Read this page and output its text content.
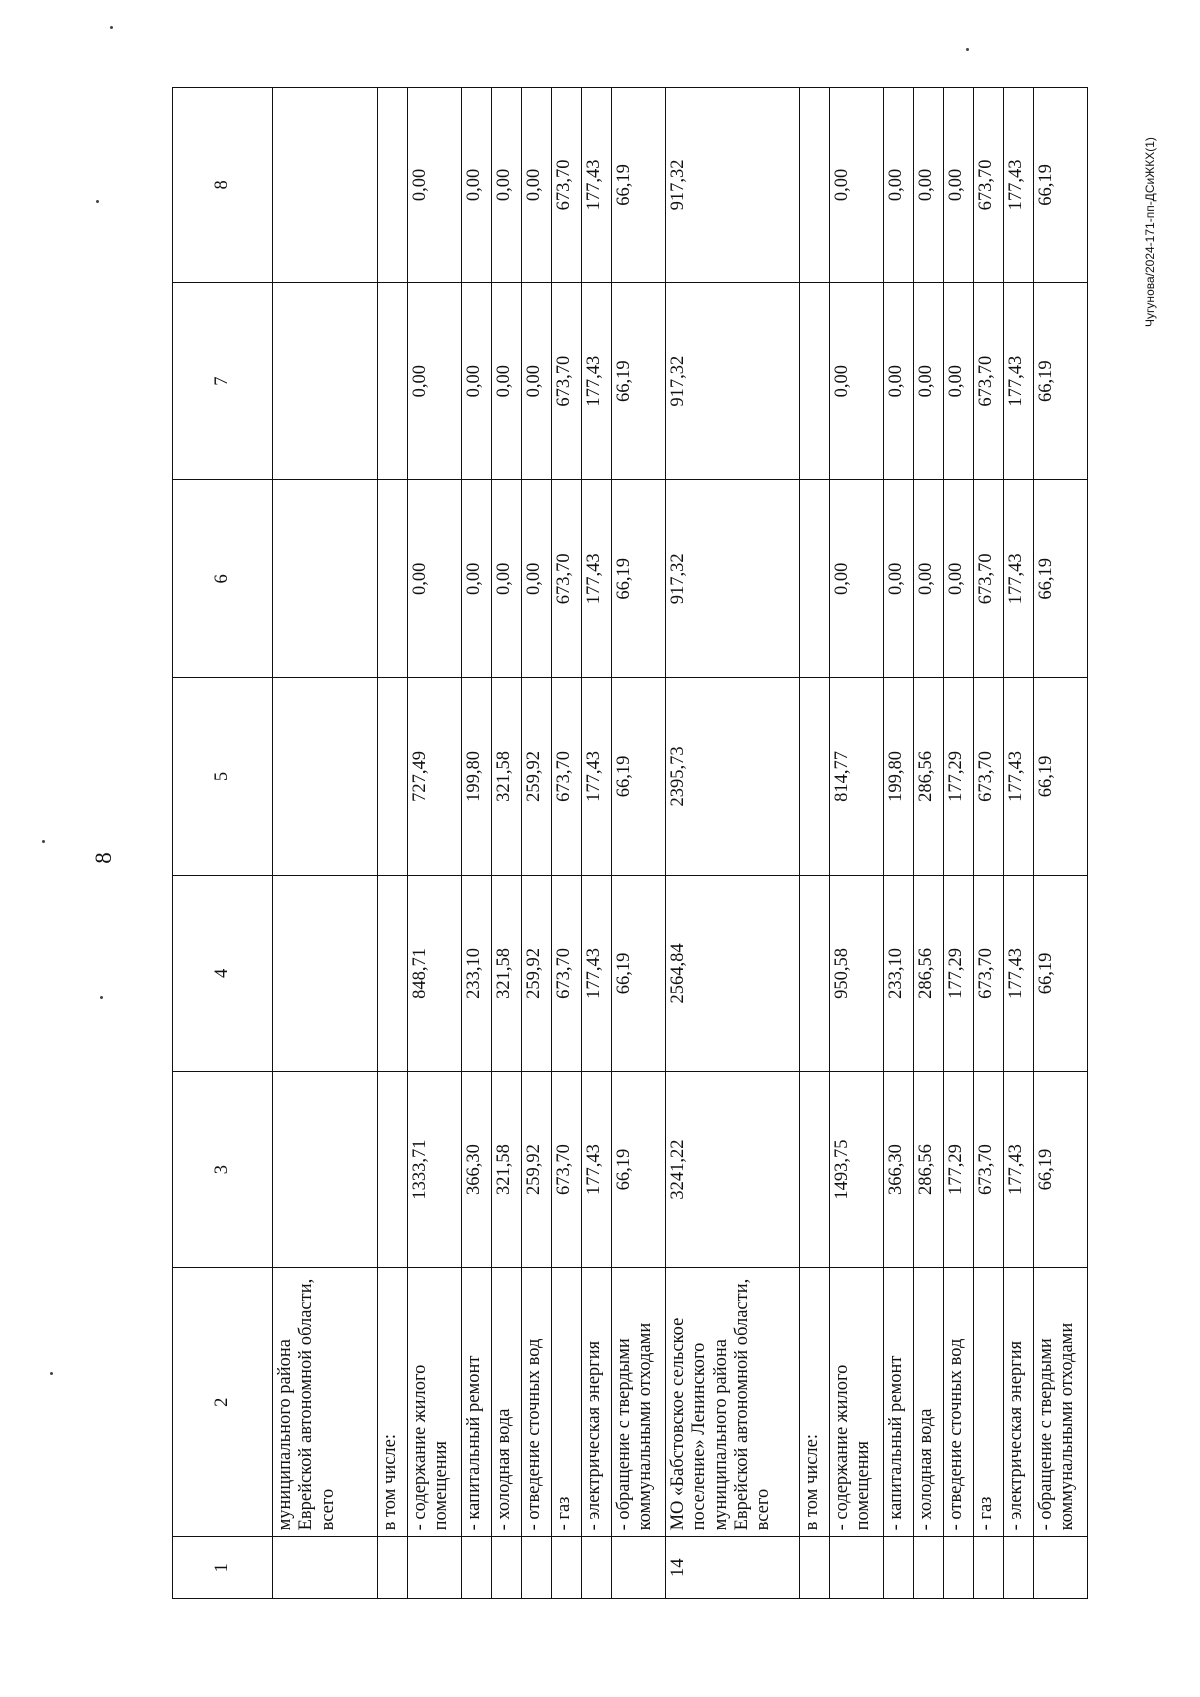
8
Чугунова/2024-171-пп-ДСиЖКХ(1)
1	2	3	4	5	6	7	8
	муниципального района Еврейской автономной области, всего						
	в том числе:						
	- содержание жилого помещения	1333,71	848,71	727,49	0,00	0,00	0,00
	- капитальный ремонт	366,30	233,10	199,80	0,00	0,00	0,00
	- холодная вода	321,58	321,58	321,58	0,00	0,00	0,00
	- отведение сточных вод	259,92	259,92	259,92	0,00	0,00	0,00
	- газ	673,70	673,70	673,70	673,70	673,70	673,70
	- электрическая энергия	177,43	177,43	177,43	177,43	177,43	177,43
	- обращение с твердыми коммунальными отходами	66,19	66,19	66,19	66,19	66,19	66,19
14	МО «Бабстовское сельское поселение» Ленинского муниципального района Еврейской автономной области, всего	3241,22	2564,84	2395,73	917,32	917,32	917,32
	в том числе:						
	- содержание жилого помещения	1493,75	950,58	814,77	0,00	0,00	0,00
	- капитальный ремонт	366,30	233,10	199,80	0,00	0,00	0,00
	- холодная вода	286,56	286,56	286,56	0,00	0,00	0,00
	- отведение сточных вод	177,29	177,29	177,29	0,00	0,00	0,00
	- газ	673,70	673,70	673,70	673,70	673,70	673,70
	- электрическая энергия	177,43	177,43	177,43	177,43	177,43	177,43
	- обращение с твердыми коммунальными отходами	66,19	66,19	66,19	66,19	66,19	66,19
